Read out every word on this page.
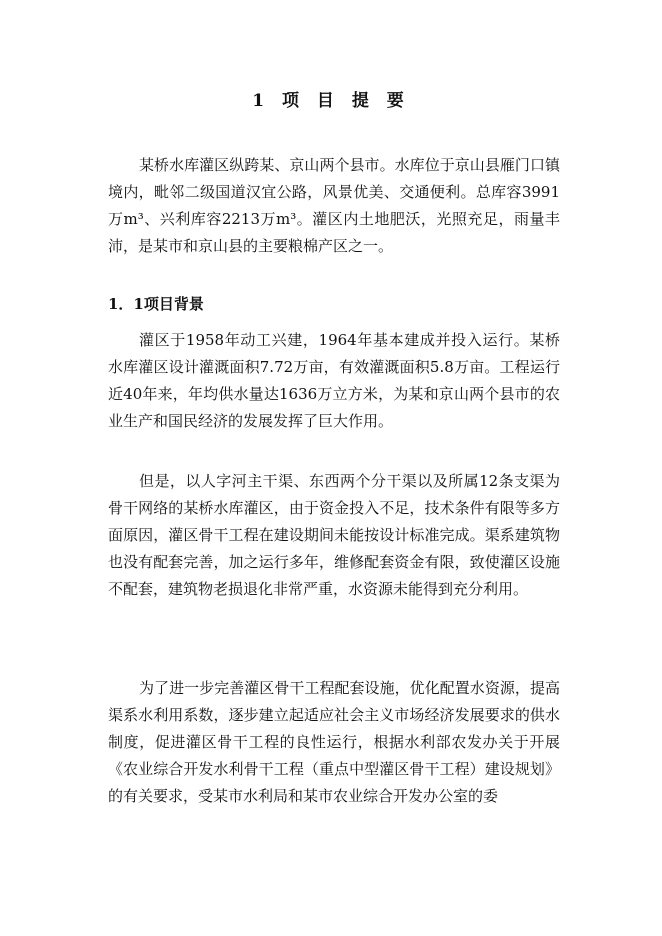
1 项 目 提 要

某桥水库灌区纵跨某、京山两个县市。水库位于京山县雁门口镇境内，毗邻二级国道汉宜公路，风景优美、交通便利。总库容3991万m³、兴利库容2213万m³。灌区内土地肥沃，光照充足，雨量丰沛，是某市和京山县的主要粮棉产区之一。

1．1项目背景

灌区于1958年动工兴建，1964年基本建成并投入运行。某桥水库灌区设计灌溉面积7.72万亩，有效灌溉面积5.8万亩。工程运行近40年来，年均供水量达1636万立方米，为某和京山两个县市的农业生产和国民经济的发展发挥了巨大作用。

但是，以人字河主干渠、东西两个分干渠以及所属12条支渠为骨干网络的某桥水库灌区，由于资金投入不足，技术条件有限等多方面原因，灌区骨干工程在建设期间未能按设计标准完成。渠系建筑物也没有配套完善，加之运行多年，维修配套资金有限，致使灌区设施不配套，建筑物老损退化非常严重，水资源未能得到充分利用。

为了进一步完善灌区骨干工程配套设施，优化配置水资源，提高渠系水利用系数，逐步建立起适应社会主义市场经济发展要求的供水制度，促进灌区骨干工程的良性运行，根据水利部农发办关于开展《农业综合开发水利骨干工程（重点中型灌区骨干工程）建设规划》的有关要求，受某市水利局和某市农业综合开发办公室的委
